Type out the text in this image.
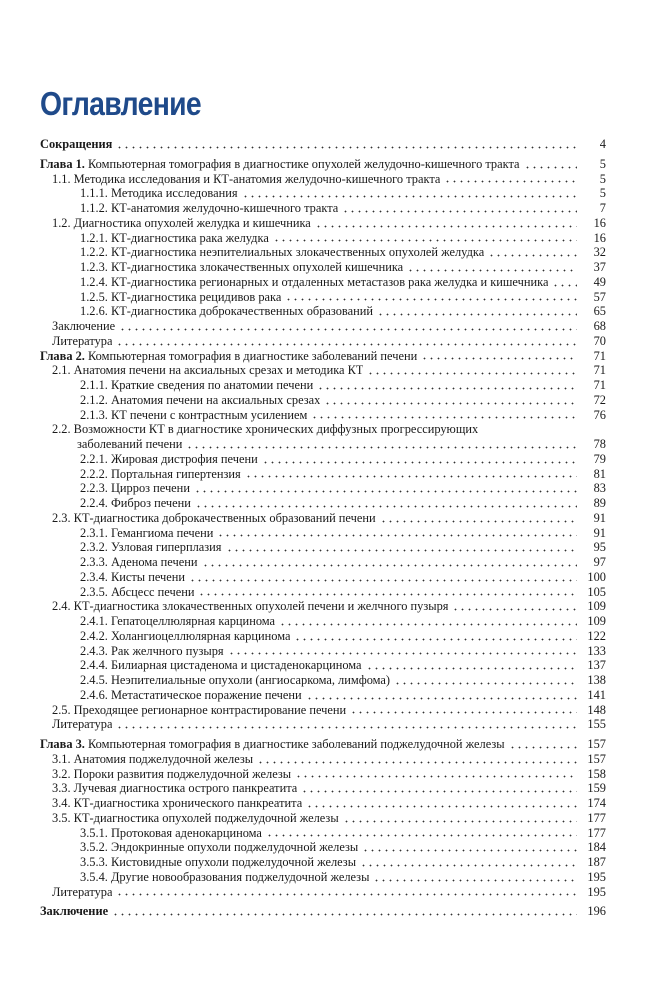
Оглавление
Сокращения	4
Глава 1. Компьютерная томография в диагностике опухолей желудочно-кишечного тракта	5
1.1. Методика исследования и КТ-анатомия желудочно-кишечного тракта	5
1.1.1. Методика исследования	5
1.1.2. КТ-анатомия желудочно-кишечного тракта	7
1.2. Диагностика опухолей желудка и кишечника	16
1.2.1. КТ-диагностика рака желудка	16
1.2.2. КТ-диагностика неэпителиальных злокачественных опухолей желудка	32
1.2.3. КТ-диагностика злокачественных опухолей кишечника	37
1.2.4. КТ-диагностика регионарных и отдаленных метастазов рака желудка и кишечника	49
1.2.5. КТ-диагностика рецидивов рака	57
1.2.6. КТ-диагностика доброкачественных образований	65
Заключение	68
Литература	70
Глава 2. Компьютерная томография в диагностике заболеваний печени	71
2.1. Анатомия печени на аксиальных срезах и методика КТ	71
2.1.1. Краткие сведения по анатомии печени	71
2.1.2. Анатомия печени на аксиальных срезах	72
2.1.3. КТ печени с контрастным усилением	76
2.2. Возможности КТ в диагностике хронических диффузных прогрессирующих
заболеваний печени	78
2.2.1. Жировая дистрофия печени	79
2.2.2. Портальная гипертензия	81
2.2.3. Цирроз печени	83
2.2.4. Фиброз печени	89
2.3. КТ-диагностика доброкачественных образований печени	91
2.3.1. Гемангиома печени	91
2.3.2. Узловая гиперплазия	95
2.3.3. Аденома печени	97
2.3.4. Кисты печени	100
2.3.5. Абсцесс печени	105
2.4. КТ-диагностика злокачественных опухолей печени и желчного пузыря	109
2.4.1. Гепатоцеллюлярная карцинома	109
2.4.2. Холангиоцеллюлярная карцинома	122
2.4.3. Рак желчного пузыря	133
2.4.4. Билиарная цистаденома и цистаденокарцинома	137
2.4.5. Неэпителиальные опухоли (ангиосаркома, лимфома)	138
2.4.6. Метастатическое поражение печени	141
2.5. Преходящее регионарное контрастирование печени	148
Литература	155
Глава 3. Компьютерная томография в диагностике заболеваний поджелудочной железы	157
3.1. Анатомия поджелудочной железы	157
3.2. Пороки развития поджелудочной железы	158
3.3. Лучевая диагностика острого панкреатита	159
3.4. КТ-диагностика хронического панкреатита	174
3.5. КТ-диагностика опухолей поджелудочной железы	177
3.5.1. Протоковая аденокарцинома	177
3.5.2. Эндокринные опухоли поджелудочной железы	184
3.5.3. Кистовидные опухоли поджелудочной железы	187
3.5.4. Другие новообразования поджелудочной железы	195
Литература	195
Заключение	196
